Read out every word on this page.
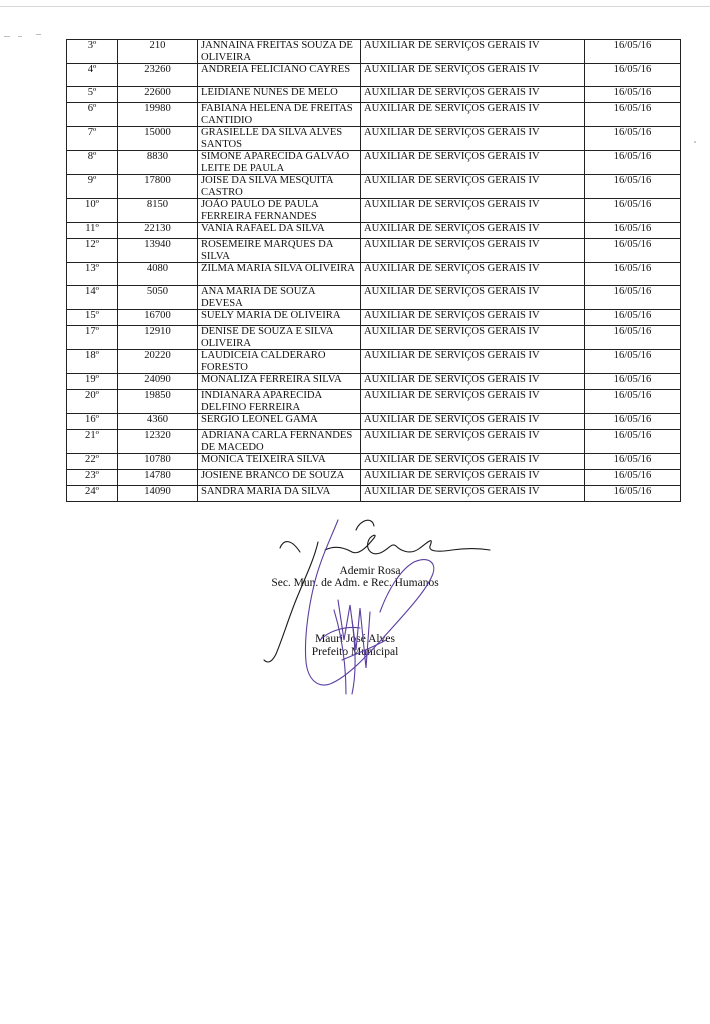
3º	210	JANNAINA FREITAS SOUZA DE OLIVEIRA	AUXILIAR DE SERVIÇOS GERAIS IV	16/05/16
4º	23260	ANDREIA FELICIANO CAYRES	AUXILIAR DE SERVIÇOS GERAIS IV	16/05/16
5º	22600	LEIDIANE NUNES DE MELO	AUXILIAR DE SERVIÇOS GERAIS IV	16/05/16
6º	19980	FABIANA HELENA DE FREITAS CANTIDIO	AUXILIAR DE SERVIÇOS GERAIS IV	16/05/16
7º	15000	GRASIELLE DA SILVA ALVES SANTOS	AUXILIAR DE SERVIÇOS GERAIS IV	16/05/16
8º	8830	SIMONE APARECIDA GALVÃO LEITE DE PAULA	AUXILIAR DE SERVIÇOS GERAIS IV	16/05/16
9º	17800	JOISE DA SILVA MESQUITA CASTRO	AUXILIAR DE SERVIÇOS GERAIS IV	16/05/16
10º	8150	JOÃO PAULO DE PAULA FERREIRA FERNANDES	AUXILIAR DE SERVIÇOS GERAIS IV	16/05/16
11º	22130	VANIA RAFAEL DA SILVA	AUXILIAR DE SERVIÇOS GERAIS IV	16/05/16
12º	13940	ROSEMEIRE MARQUES DA SILVA	AUXILIAR DE SERVIÇOS GERAIS IV	16/05/16
13º	4080	ZILMA MARIA SILVA OLIVEIRA	AUXILIAR DE SERVIÇOS GERAIS IV	16/05/16
14º	5050	ANA MARIA DE SOUZA DEVESA	AUXILIAR DE SERVIÇOS GERAIS IV	16/05/16
15º	16700	SUELY MARIA DE OLIVEIRA	AUXILIAR DE SERVIÇOS GERAIS IV	16/05/16
17º	12910	DENISE DE SOUZA E SILVA OLIVEIRA	AUXILIAR DE SERVIÇOS GERAIS IV	16/05/16
18º	20220	LAUDICEIA CALDERARO FORESTO	AUXILIAR DE SERVIÇOS GERAIS IV	16/05/16
19º	24090	MONALIZA FERREIRA SILVA	AUXILIAR DE SERVIÇOS GERAIS IV	16/05/16
20º	19850	INDIANARA APARECIDA DELFINO FERREIRA	AUXILIAR DE SERVIÇOS GERAIS IV	16/05/16
16º	4360	SERGIO LEONEL GAMA	AUXILIAR DE SERVIÇOS GERAIS IV	16/05/16
21º	12320	ADRIANA CARLA FERNANDES DE MACEDO	AUXILIAR DE SERVIÇOS GERAIS IV	16/05/16
22º	10780	MONICA TEIXEIRA SILVA	AUXILIAR DE SERVIÇOS GERAIS IV	16/05/16
23º	14780	JOSIENE BRANCO DE SOUZA	AUXILIAR DE SERVIÇOS GERAIS IV	16/05/16
24º	14090	SANDRA MARIA DA SILVA	AUXILIAR DE SERVIÇOS GERAIS IV	16/05/16
Ademir Rosa
Sec. Mun. de Adm. e Rec. Humanos
Mauri José Alves
Prefeito Municipal
